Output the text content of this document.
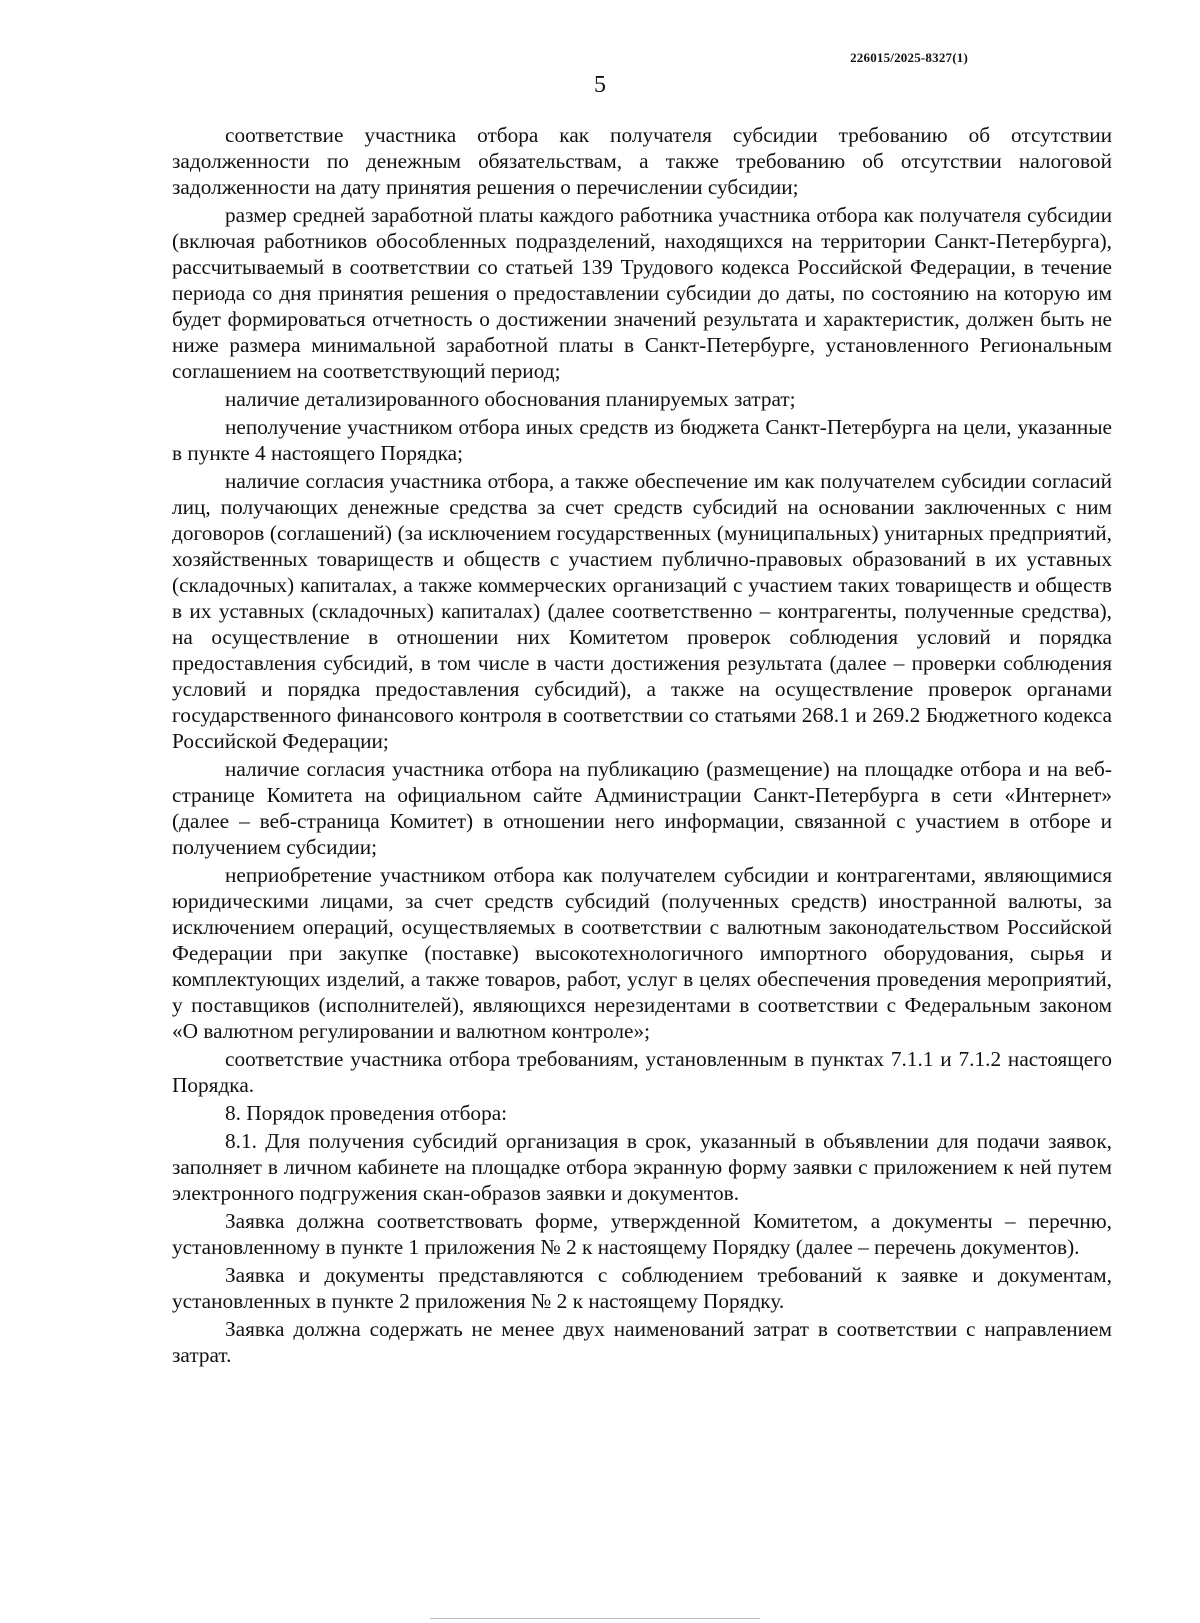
226015/2025-8327(1)
5

соответствие участника отбора как получателя субсидии требованию об отсутствии задолженности по денежным обязательствам, а также требованию об отсутствии налоговой задолженности на дату принятия решения о перечислении субсидии;

размер средней заработной платы каждого работника участника отбора как получателя субсидии (включая работников обособленных подразделений, находящихся на территории Санкт-Петербурга), рассчитываемый в соответствии со статьей 139 Трудового кодекса Российской Федерации, в течение периода со дня принятия решения о предоставлении субсидии до даты, по состоянию на которую им будет формироваться отчетность о достижении значений результата и характеристик, должен быть не ниже размера минимальной заработной платы в Санкт-Петербурге, установленного Региональным соглашением на соответствующий период;

наличие детализированного обоснования планируемых затрат;

неполучение участником отбора иных средств из бюджета Санкт-Петербурга на цели, указанные в пункте 4 настоящего Порядка;

наличие согласия участника отбора, а также обеспечение им как получателем субсидии согласий лиц, получающих денежные средства за счет средств субсидий на основании заключенных с ним договоров (соглашений) (за исключением государственных (муниципальных) унитарных предприятий, хозяйственных товариществ и обществ с участием публично-правовых образований в их уставных (складочных) капиталах, а также коммерческих организаций с участием таких товариществ и обществ в их уставных (складочных) капиталах) (далее соответственно – контрагенты, полученные средства), на осуществление в отношении них Комитетом проверок соблюдения условий и порядка предоставления субсидий, в том числе в части достижения результата (далее – проверки соблюдения условий и порядка предоставления субсидий), а также на осуществление проверок органами государственного финансового контроля в соответствии со статьями 268.1 и 269.2 Бюджетного кодекса Российской Федерации;

наличие согласия участника отбора на публикацию (размещение) на площадке отбора и на веб-странице Комитета на официальном сайте Администрации Санкт-Петербурга в сети «Интернет» (далее – веб-страница Комитет) в отношении него информации, связанной с участием в отборе и получением субсидии;

неприобретение участником отбора как получателем субсидии и контрагентами, являющимися юридическими лицами, за счет средств субсидий (полученных средств) иностранной валюты, за исключением операций, осуществляемых в соответствии с валютным законодательством Российской Федерации при закупке (поставке) высокотехнологичного импортного оборудования, сырья и комплектующих изделий, а также товаров, работ, услуг в целях обеспечения проведения мероприятий, у поставщиков (исполнителей), являющихся нерезидентами в соответствии с Федеральным законом «О валютном регулировании и валютном контроле»;

соответствие участника отбора требованиям, установленным в пунктах 7.1.1 и 7.1.2 настоящего Порядка.

8. Порядок проведения отбора:

8.1. Для получения субсидий организация в срок, указанный в объявлении для подачи заявок, заполняет в личном кабинете на площадке отбора экранную форму заявки с приложением к ней путем электронного подгружения скан-образов заявки и документов.

Заявка должна соответствовать форме, утвержденной Комитетом, а документы – перечню, установленному в пункте 1 приложения № 2 к настоящему Порядку (далее – перечень документов).

Заявка и документы представляются с соблюдением требований к заявке и документам, установленных в пункте 2 приложения № 2 к настоящему Порядку.

Заявка должна содержать не менее двух наименований затрат в соответствии с направлением затрат.
